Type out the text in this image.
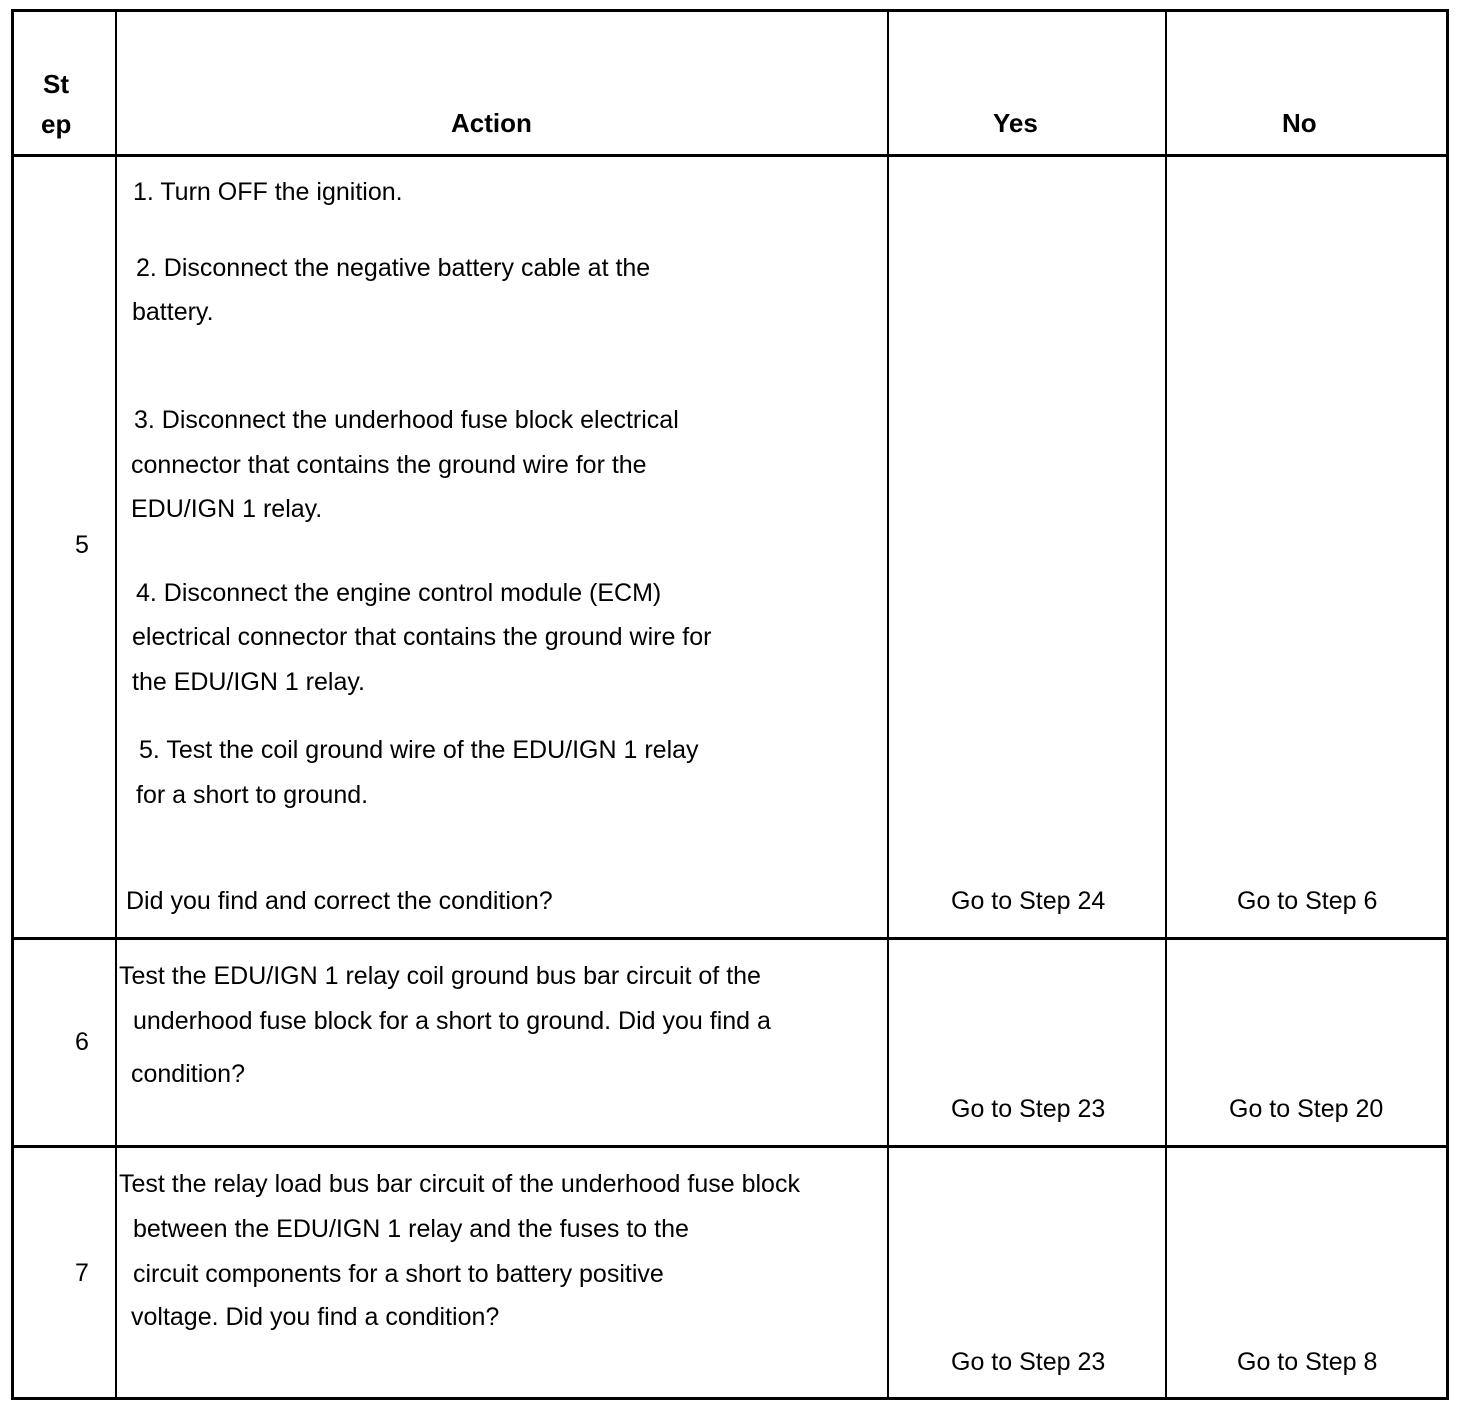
St
ep	Action	Yes	No
5
1. Turn OFF the ignition.
2. Disconnect the negative battery cable at the
battery.
3. Disconnect the underhood fuse block electrical
connector that contains the ground wire for the
EDU/IGN 1 relay.
4. Disconnect the engine control module (ECM)
electrical connector that contains the ground wire for
the EDU/IGN 1 relay.
5. Test the coil ground wire of the EDU/IGN 1 relay
for a short to ground.
Did you find and correct the condition?	Go to Step 24	Go to Step 6
6
Test the EDU/IGN 1 relay coil ground bus bar circuit of the
underhood fuse block for a short to ground. Did you find a
condition?
Go to Step 23	Go to Step 20
7
Test the relay load bus bar circuit of the underhood fuse block
between the EDU/IGN 1 relay and the fuses to the
circuit components for a short to battery positive
voltage. Did you find a condition?
Go to Step 23	Go to Step 8
